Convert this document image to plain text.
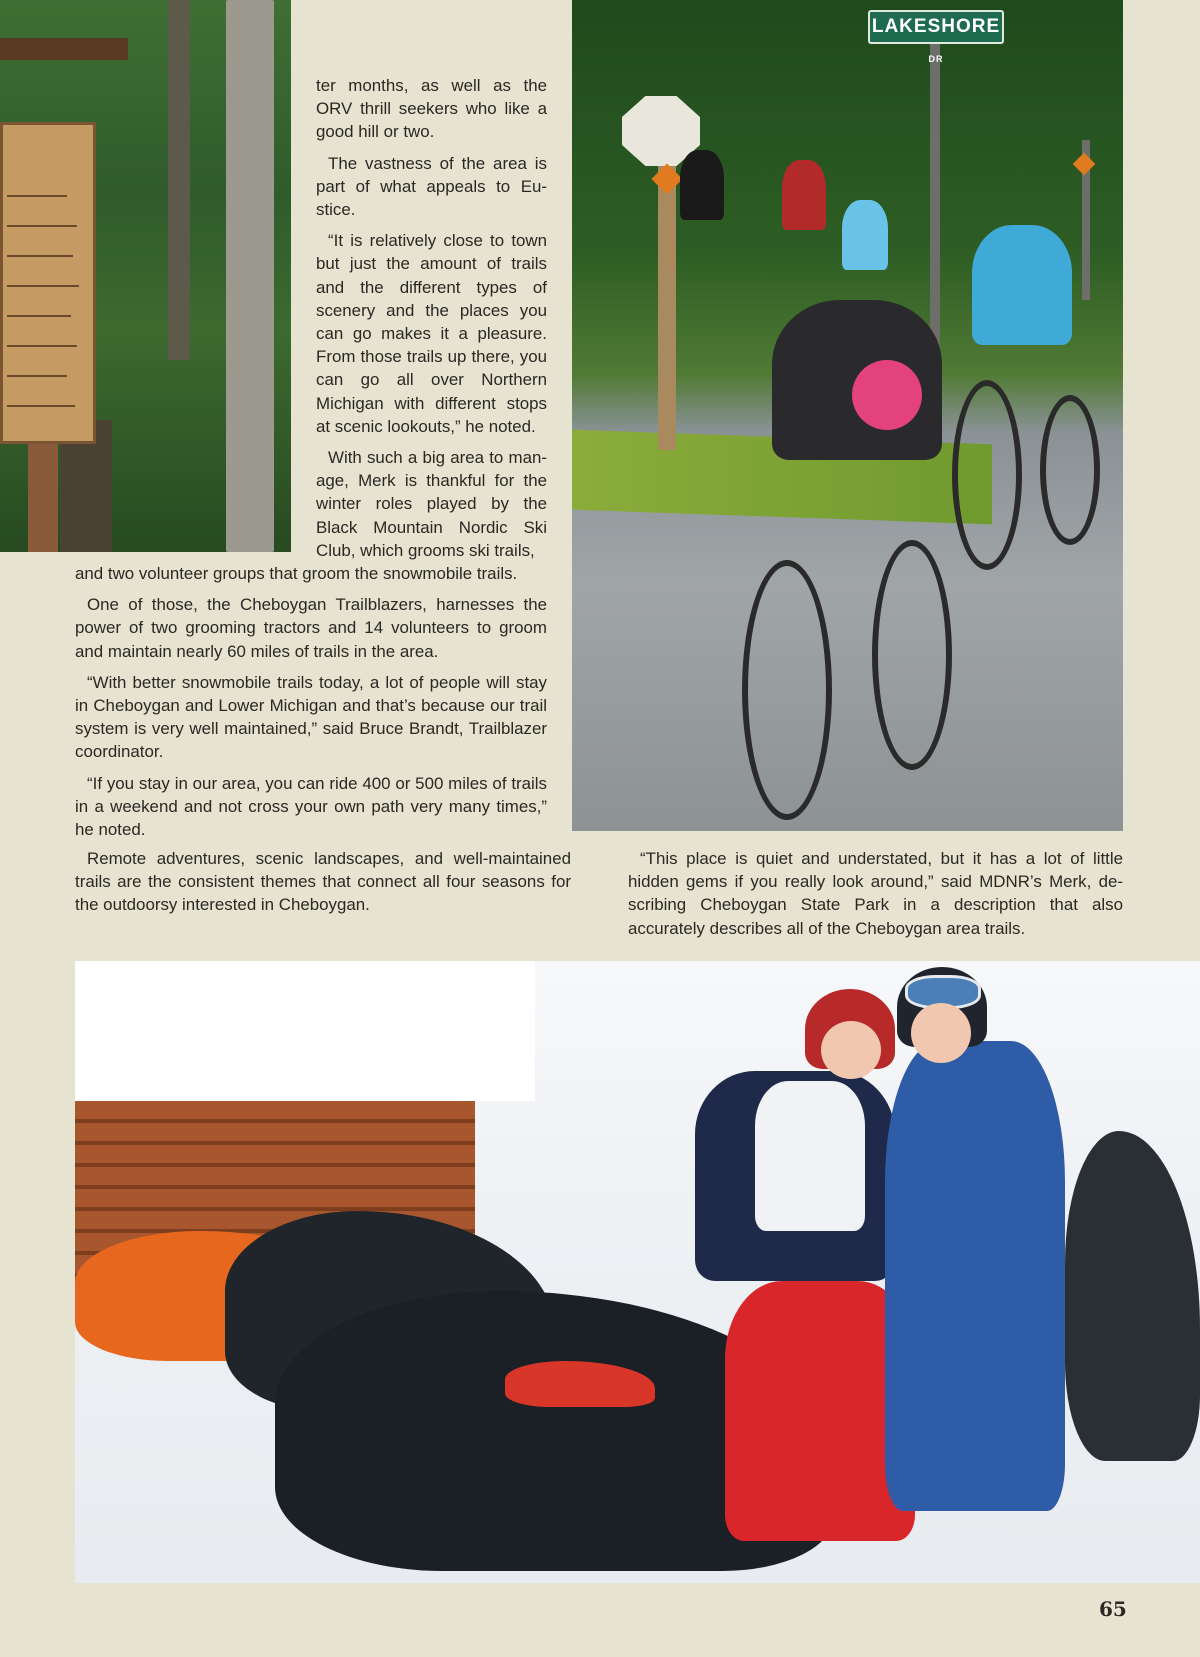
LAKESHORE DR

ter months, as well as the ORV thrill seekers who like a good hill or two.

The vastness of the area is part of what appeals to Eu-stice.

“It is relatively close to town but just the amount of trails and the different types of scenery and the places you can go makes it a pleasure. From those trails up there, you can go all over Northern Michigan with different stops at scenic lookouts,” he noted.

With such a big area to man-age, Merk is thankful for the winter roles played by the Black Mountain Nordic Ski Club, which grooms ski trails,

and two volunteer groups that groom the snowmobile trails.

One of those, the Cheboygan Trailblazers, harnesses the power of two grooming tractors and 14 volunteers to groom and maintain nearly 60 miles of trails in the area.

“With better snowmobile trails today, a lot of people will stay in Cheboygan and Lower Michigan and that’s because our trail system is very well maintained,” said Bruce Brandt, Trailblazer coordinator.

“If you stay in our area, you can ride 400 or 500 miles of trails in a weekend and not cross your own path very many times,” he noted.

Remote adventures, scenic landscapes, and well-maintained trails are the consistent themes that connect all four seasons for the outdoorsy interested in Cheboygan.

“This place is quiet and understated, but it has a lot of little hidden gems if you really look around,” said MDNR’s Merk, de-scribing Cheboygan State Park in a description that also accurately describes all of the Cheboygan area trails.

65
